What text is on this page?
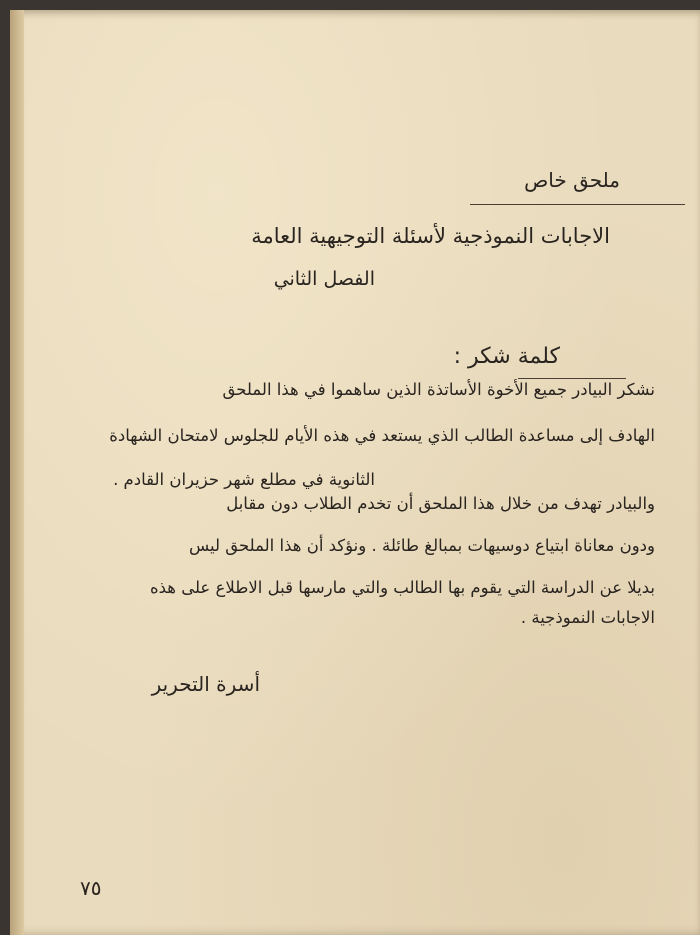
ملحق خاص

الاجابات النموذجية لأسئلة التوجيهية العامة

الفصل الثاني

كلمة شكر :

نشكر البيادر جميع الأخوة الأساتذة الذين ساهموا في هذا الملحق

الهادف إلى مساعدة الطالب الذي يستعد في هذه الأيام للجلوس لامتحان الشهادة

الثانوية في مطلع شهر حزيران القادم .

والبيادر تهدف من خلال هذا الملحق أن تخدم الطلاب دون مقابل

ودون معاناة ابتياع دوسيهات بمبالغ طائلة . ونؤكد أن هذا الملحق ليس

بديلا عن الدراسة التي يقوم بها الطالب والتي مارسها قبل الاطلاع على هذه

الاجابات النموذجية .

أسرة التحرير

٧٥
